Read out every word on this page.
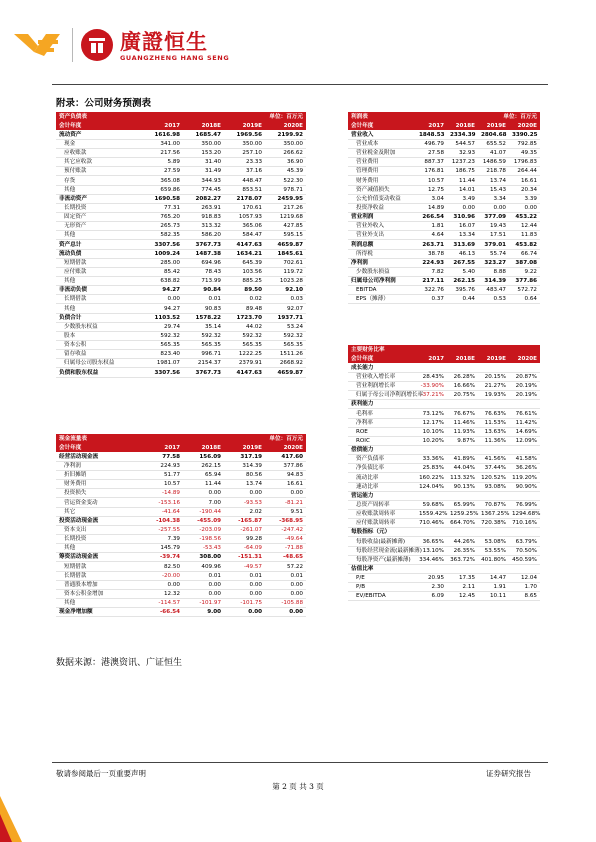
廣證恒生
GUANGZHENG HANG SENG
附录：公司财务预测表
资产负债表			单位：百万元	
会计年度	2017	2018E	2019E	2020E
流动资产	1616.98	1685.47	1969.56	2199.92
现金	341.00	350.00	350.00	350.00
应收账款	217.56	153.20	257.10	266.62
其它应收款	5.89	31.40	23.33	36.90
预付账款	27.59	31.49	37.16	45.39
存货	365.08	344.93	448.47	522.30
其他	659.86	774.45	853.51	978.71
非流动资产	1690.58	2082.27	2178.07	2459.95
长期投资	77.31	263.91	170.61	217.26
固定资产	765.20	918.83	1057.93	1219.68
无形资产	265.73	313.32	365.06	427.85
其他	582.35	586.20	584.47	595.15
资产总计	3307.56	3767.73	4147.63	4659.87
流动负债	1009.24	1487.38	1634.21	1845.61
短期借款	285.00	694.96	645.39	702.61
应付账款	85.42	78.43	103.56	119.72
其他	638.82	713.99	885.25	1023.28
非流动负债	94.27	90.84	89.50	92.10
长期借款	0.00	0.01	0.02	0.03
其他	94.27	90.83	89.48	92.07
负债合计	1103.52	1578.22	1723.70	1937.71
少数股东权益	29.74	35.14	44.02	53.24
股本	592.32	592.32	592.32	592.32
资本公积	565.35	565.35	565.35	565.35
留存收益	823.40	996.71	1222.25	1511.26
归属母公司股东权益	1981.07	2154.37	2379.91	2668.92
负债和股东权益	3307.56	3767.73	4147.63	4659.87
利润表			单位：百万元	
会计年度	2017	2018E	2019E	2020E
营业收入	1848.53	2334.39	2804.68	3390.25
营业成本	496.79	544.57	655.52	792.85
营业税金及附加	27.58	32.93	41.07	49.35
营业费用	887.37	1237.23	1486.59	1796.83
管理费用	176.81	186.75	218.78	264.44
财务费用	10.57	11.44	13.74	16.61
资产减值损失	12.75	14.01	15.43	20.34
公允价值变动收益	3.04	3.49	3.34	3.39
投资净收益	14.89	0.00	0.00	0.00
营业利润	266.54	310.96	377.09	453.22
营业外收入	1.81	16.07	19.43	12.44
营业外支出	4.64	13.34	17.51	11.83
利润总额	263.71	313.69	379.01	453.82
所得税	38.78	46.13	55.74	66.74
净利润	224.93	267.55	323.27	387.08
少数股东损益	7.82	5.40	8.88	9.22
归属母公司净利润	217.11	262.15	314.39	377.86
EBITDA	322.76	395.76	483.47	572.72
EPS（摊薄）	0.37	0.44	0.53	0.64
主要财务比率				
会计年度	2017	2018E	2019E	2020E
成长能力				
营业收入增长率	28.43%	26.28%	20.15%	20.87%
营业利润增长率	-33.90%	16.66%	21.27%	20.19%
归属于母公司净利润增长率	-37.21%	20.75%	19.93%	20.19%
获利能力				
毛利率	73.12%	76.67%	76.63%	76.61%
净利率	12.17%	11.46%	11.53%	11.42%
ROE	10.10%	11.93%	13.63%	14.69%
ROIC	10.20%	9.87%	11.36%	12.09%
偿债能力				
资产负债率	33.36%	41.89%	41.56%	41.58%
净负债比率	25.83%	44.04%	37.44%	36.26%
流动比率	160.22%	113.32%	120.52%	119.20%
速动比率	124.04%	90.13%	93.08%	90.90%
营运能力				
总资产周转率	59.68%	65.99%	70.87%	76.99%
应收账款周转率	1559.42%	1259.25%	1367.25%	1294.68%
应付账款周转率	710.46%	664.70%	720.38%	710.16%
每股指标（元）				
每股收益(最新摊薄)	36.65%	44.26%	53.08%	63.79%
每股经营现金流(最新摊薄)	13.10%	26.35%	53.55%	70.50%
每股净资产(最新摊薄)	334.46%	363.72%	401.80%	450.59%
估值比率				
P/E	20.95	17.35	14.47	12.04
P/B	2.30	2.11	1.91	1.70
EV/EBITDA	6.09	12.45	10.11	8.65
现金流量表			单位：百万元	
会计年度	2017	2018E	2019E	2020E
经营活动现金流	77.58	156.09	317.19	417.60
净利润	224.93	262.15	314.39	377.86
折旧摊销	51.77	65.94	80.56	94.83
财务费用	10.57	11.44	13.74	16.61
投资损失	-14.89	0.00	0.00	0.00
营运资金变动	-153.16	7.00	-93.53	-81.21
其它	-41.64	-190.44	2.02	9.51
投资活动现金流	-104.38	-455.09	-165.87	-368.95
资本支出	-257.55	-203.09	-261.07	-247.42
长期投资	7.39	-198.56	99.28	-49.64
其他	145.79	-53.43	-64.09	-71.88
筹资活动现金流	-39.74	308.00	-151.31	-48.65
短期借款	82.50	409.96	-49.57	57.22
长期借款	-20.00	0.01	0.01	0.01
普通股本增加	0.00	0.00	0.00	0.00
资本公积金增加	12.32	0.00	0.00	0.00
其他	-114.57	-101.97	-101.75	-105.88
现金净增加额	-66.54	9.00	0.00	0.00
数据来源：港澳资讯、广证恒生
敬请参阅最后一页重要声明	证券研究报告
第 2 页 共 3 页
